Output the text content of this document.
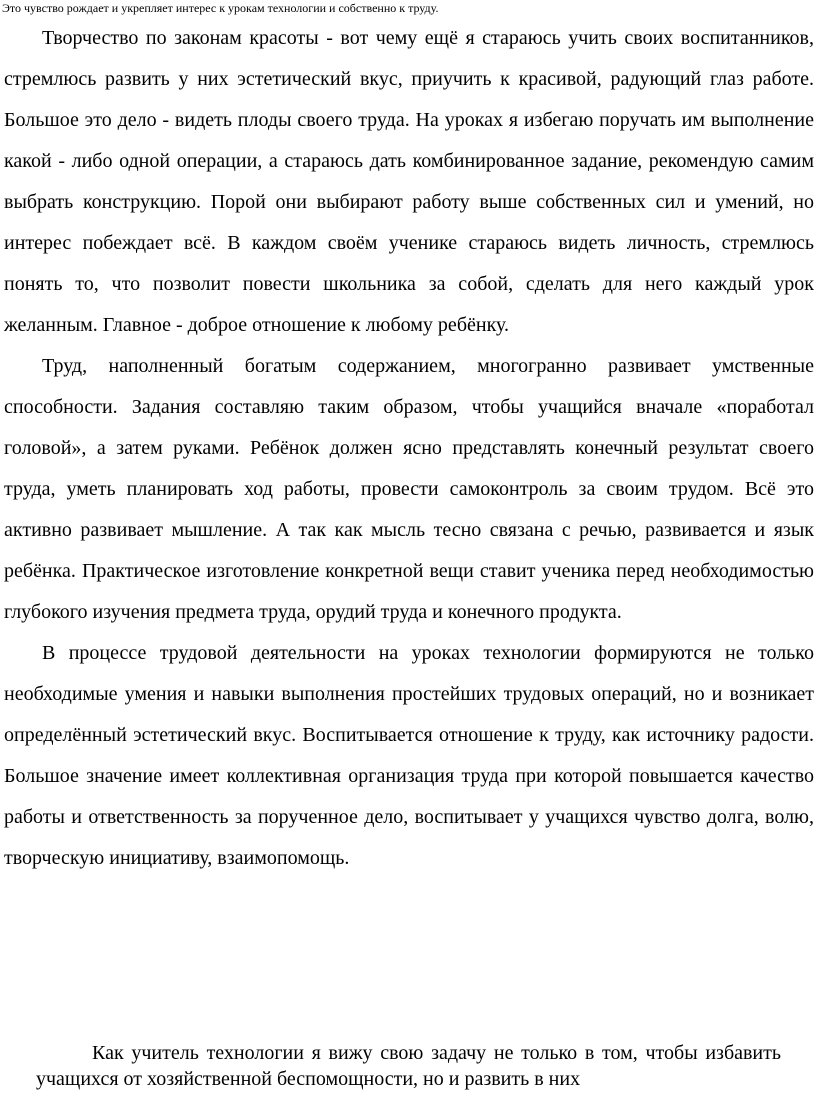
Это чувство рождает и укрепляет интерес к урокам технологии и собственно к труду.

Творчество по законам красоты - вот чему ещё я стараюсь учить своих воспитанников, стремлюсь развить у них эстетический вкус, приучить к красивой, радующий глаз работе. Большое это дело - видеть плоды своего труда. На уроках я избегаю поручать им выполнение какой - либо одной операции, а стараюсь дать комбинированное задание, рекомендую самим выбрать конструкцию. Порой они выбирают работу выше собственных сил и умений, но интерес побеждает всё. В каждом своём ученике стараюсь видеть личность, стремлюсь понять то, что позволит повести школьника за собой, сделать для него каждый урок желанным. Главное - доброе отношение к любому ребёнку.

Труд, наполненный богатым содержанием, многогранно развивает умственные способности. Задания составляю таким образом, чтобы учащийся вначале «поработал головой», а затем руками. Ребёнок должен ясно представлять конечный результат своего труда, уметь планировать ход работы, провести самоконтроль за своим трудом. Всё это активно развивает мышление. А так как мысль тесно связана с речью, развивается и язык ребёнка. Практическое изготовление конкретной вещи ставит ученика перед необходимостью глубокого изучения предмета труда, орудий труда и конечного продукта.

В процессе трудовой деятельности на уроках технологии формируются не только необходимые умения и навыки выполнения простейших трудовых операций, но и возникает определённый эстетический вкус. Воспитывается отношение к труду, как источнику радости. Большое значение имеет коллективная организация труда при которой повышается качество работы и ответственность за порученное дело, воспитывает у учащихся чувство долга, волю, творческую инициативу, взаимопомощь.

Как учитель технологии я вижу свою задачу не только в том, чтобы избавить учащихся от хозяйственной беспомощности, но и развить в них
